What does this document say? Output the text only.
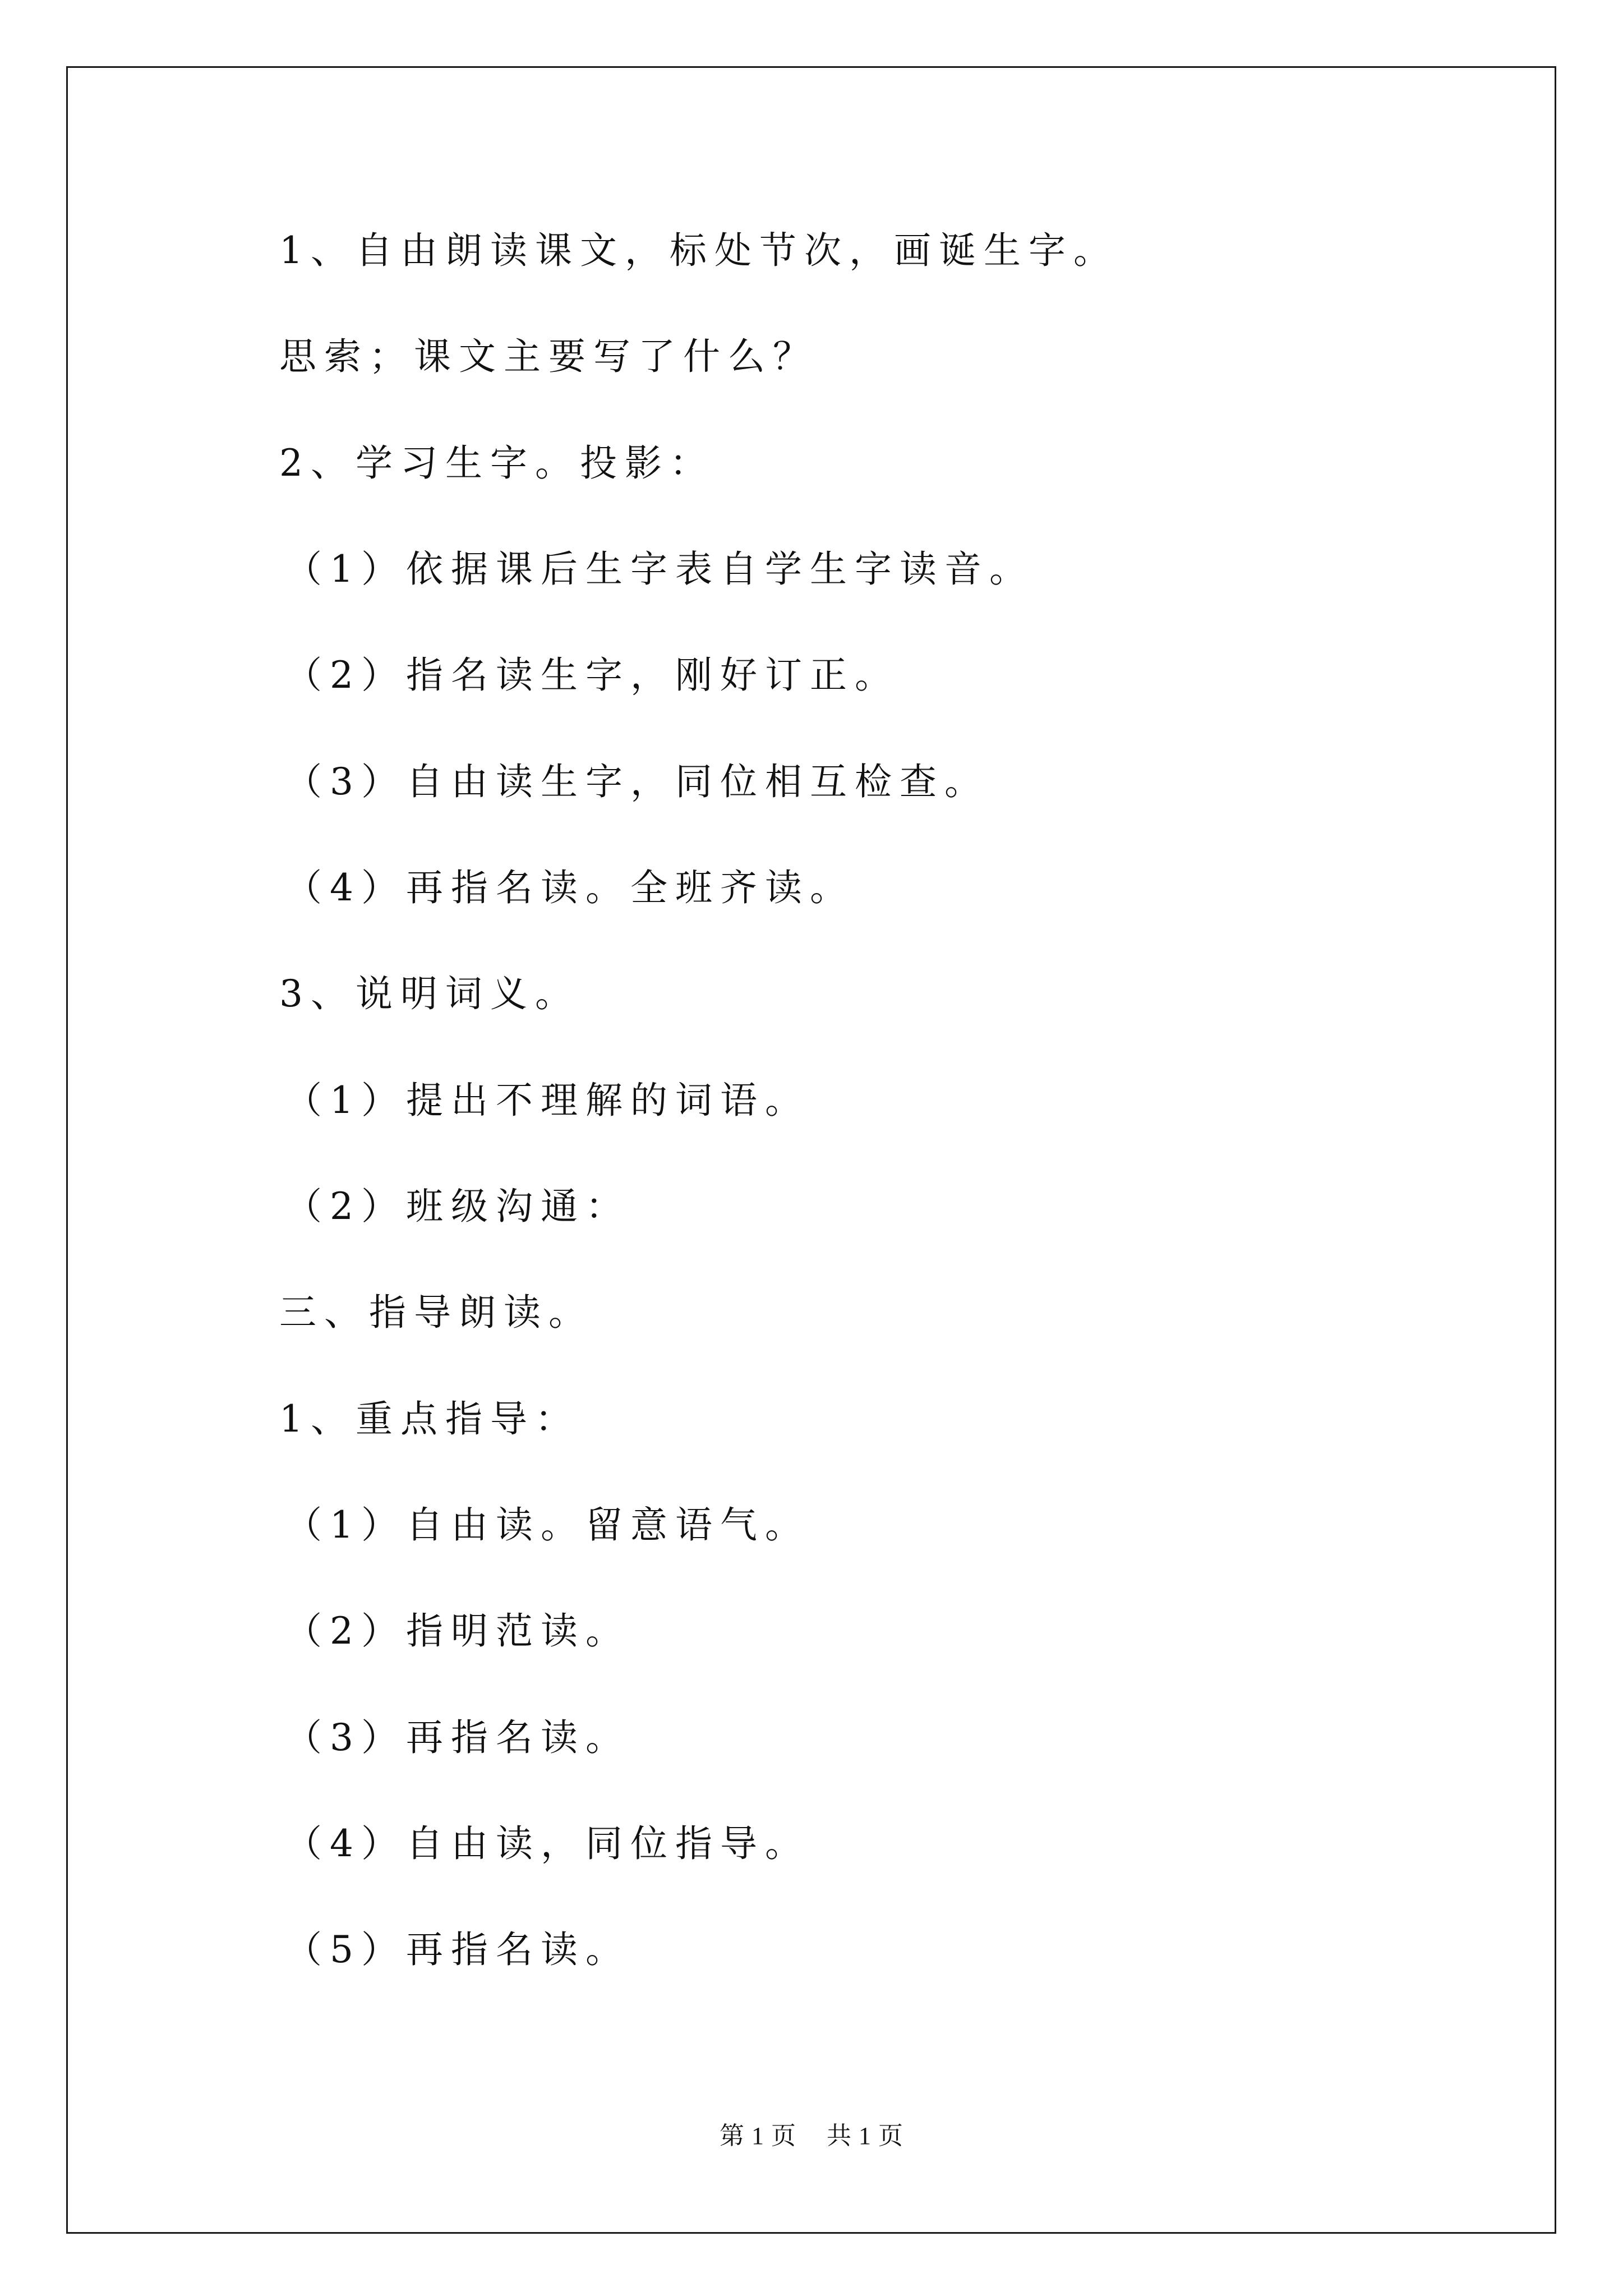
1、自由朗读课文，标处节次，画诞生字。
思索；课文主要写了什么？
2、学习生字。投影：
（1）依据课后生字表自学生字读音。
（2）指名读生字，刚好订正。
（3）自由读生字，同位相互检查。
（4）再指名读。全班齐读。
3、说明词义。
（1）提出不理解的词语。
（2）班级沟通：
三、指导朗读。
1、重点指导：
（1）自由读。留意语气。
（2）指明范读。
（3）再指名读。
（4）自由读，同位指导。
（5）再指名读。
第 1 页 共 1 页
